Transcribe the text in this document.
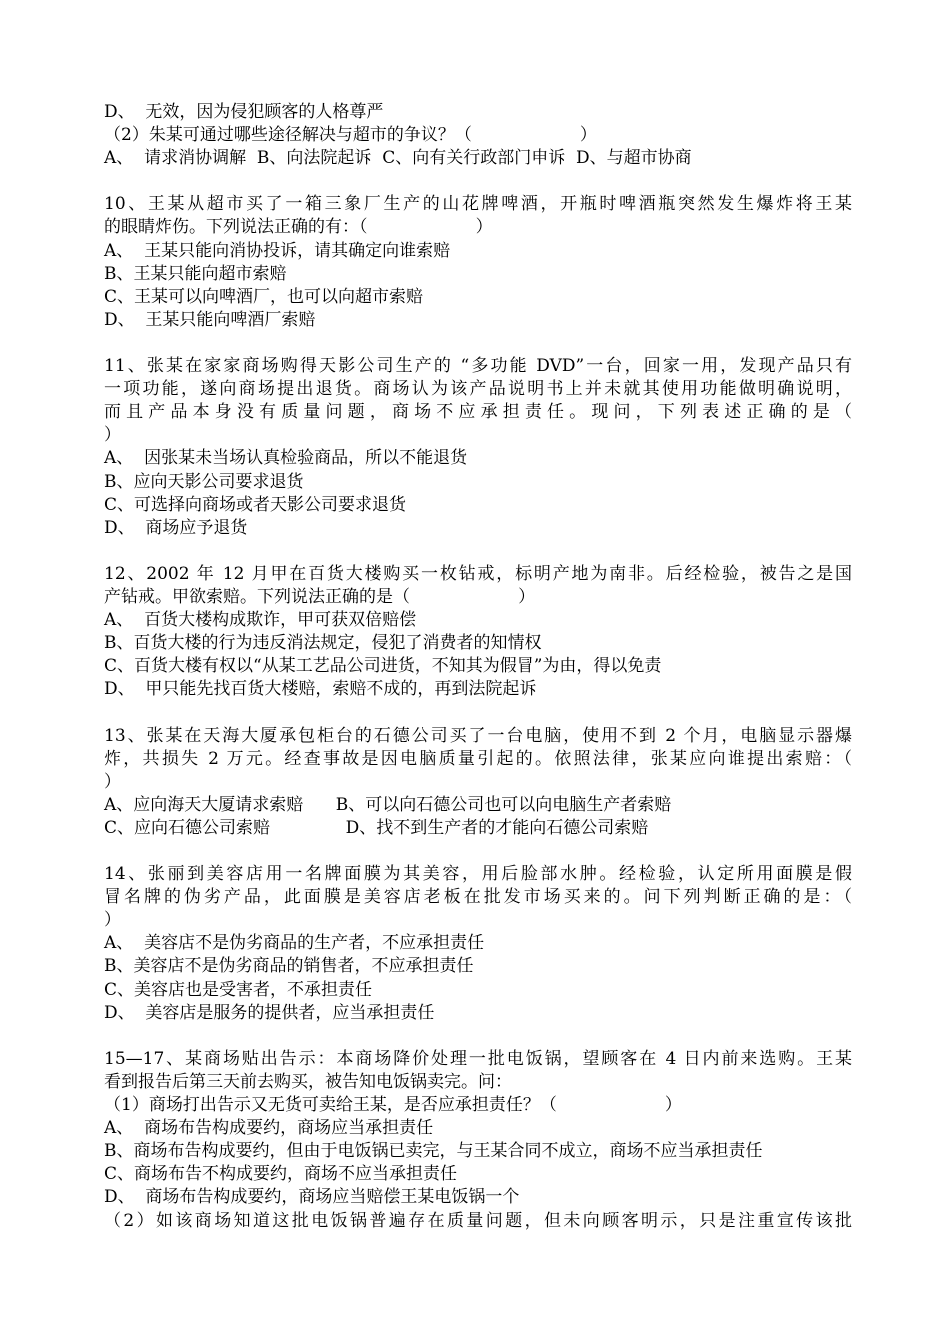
D、  无效，因为侵犯顾客的人格尊严
（2）朱某可通过哪些途径解决与超市的争议？（                    ）
A、  请求消协调解  B、向法院起诉  C、向有关行政部门申诉  D、与超市协商
10、王某从超市买了一箱三象厂生产的山花牌啤酒，开瓶时啤酒瓶突然发生爆炸将王某
的眼睛炸伤。下列说法正确的有：（                    ）
A、  王某只能向消协投诉，请其确定向谁索赔
B、王某只能向超市索赔
C、王某可以向啤酒厂，也可以向超市索赔
D、  王某只能向啤酒厂索赔
11、张某在家家商场购得天影公司生产的 “多功能 DVD”一台，回家一用，发现产品只有
一项功能，遂向商场提出退货。商场认为该产品说明书上并未就其使用功能做明确说明，
而且产品本身没有质量问题，商场不应承担责任。现问，下列表述正确的是（
）
A、  因张某未当场认真检验商品，所以不能退货
B、应向天影公司要求退货
C、可选择向商场或者天影公司要求退货
D、  商场应予退货
12、2002 年 12 月甲在百货大楼购买一枚钻戒，标明产地为南非。后经检验，被告之是国
产钻戒。甲欲索赔。下列说法正确的是（                    ）
A、  百货大楼构成欺诈，甲可获双倍赔偿
B、百货大楼的行为违反消法规定，侵犯了消费者的知情权
C、百货大楼有权以“从某工艺品公司进货，不知其为假冒”为由，得以免责
D、  甲只能先找百货大楼赔，索赔不成的，再到法院起诉
13、张某在天海大厦承包柜台的石德公司买了一台电脑，使用不到 2 个月，电脑显示器爆
炸，共损失 2 万元。经查事故是因电脑质量引起的。依照法律，张某应向谁提出索赔：（
）
A、应向海天大厦请求索赔      B、可以向石德公司也可以向电脑生产者索赔
C、应向石德公司索赔              D、找不到生产者的才能向石德公司索赔
14、张丽到美容店用一名牌面膜为其美容，用后脸部水肿。经检验，认定所用面膜是假
冒名牌的伪劣产品，此面膜是美容店老板在批发市场买来的。问下列判断正确的是：（
）
A、  美容店不是伪劣商品的生产者，不应承担责任
B、美容店不是伪劣商品的销售者，不应承担责任
C、美容店也是受害者，不承担责任
D、  美容店是服务的提供者，应当承担责任
15—17、某商场贴出告示：本商场降价处理一批电饭锅，望顾客在 4 日内前来选购。王某
看到报告后第三天前去购买，被告知电饭锅卖完。问：
（1）商场打出告示又无货可卖给王某，是否应承担责任？（                    ）
A、  商场布告构成要约，商场应当承担责任
B、商场布告构成要约，但由于电饭锅已卖完，与王某合同不成立，商场不应当承担责任
C、商场布告不构成要约，商场不应当承担责任
D、  商场布告构成要约，商场应当赔偿王某电饭锅一个
（2）如该商场知道这批电饭锅普遍存在质量问题，但未向顾客明示，只是注重宣传该批
